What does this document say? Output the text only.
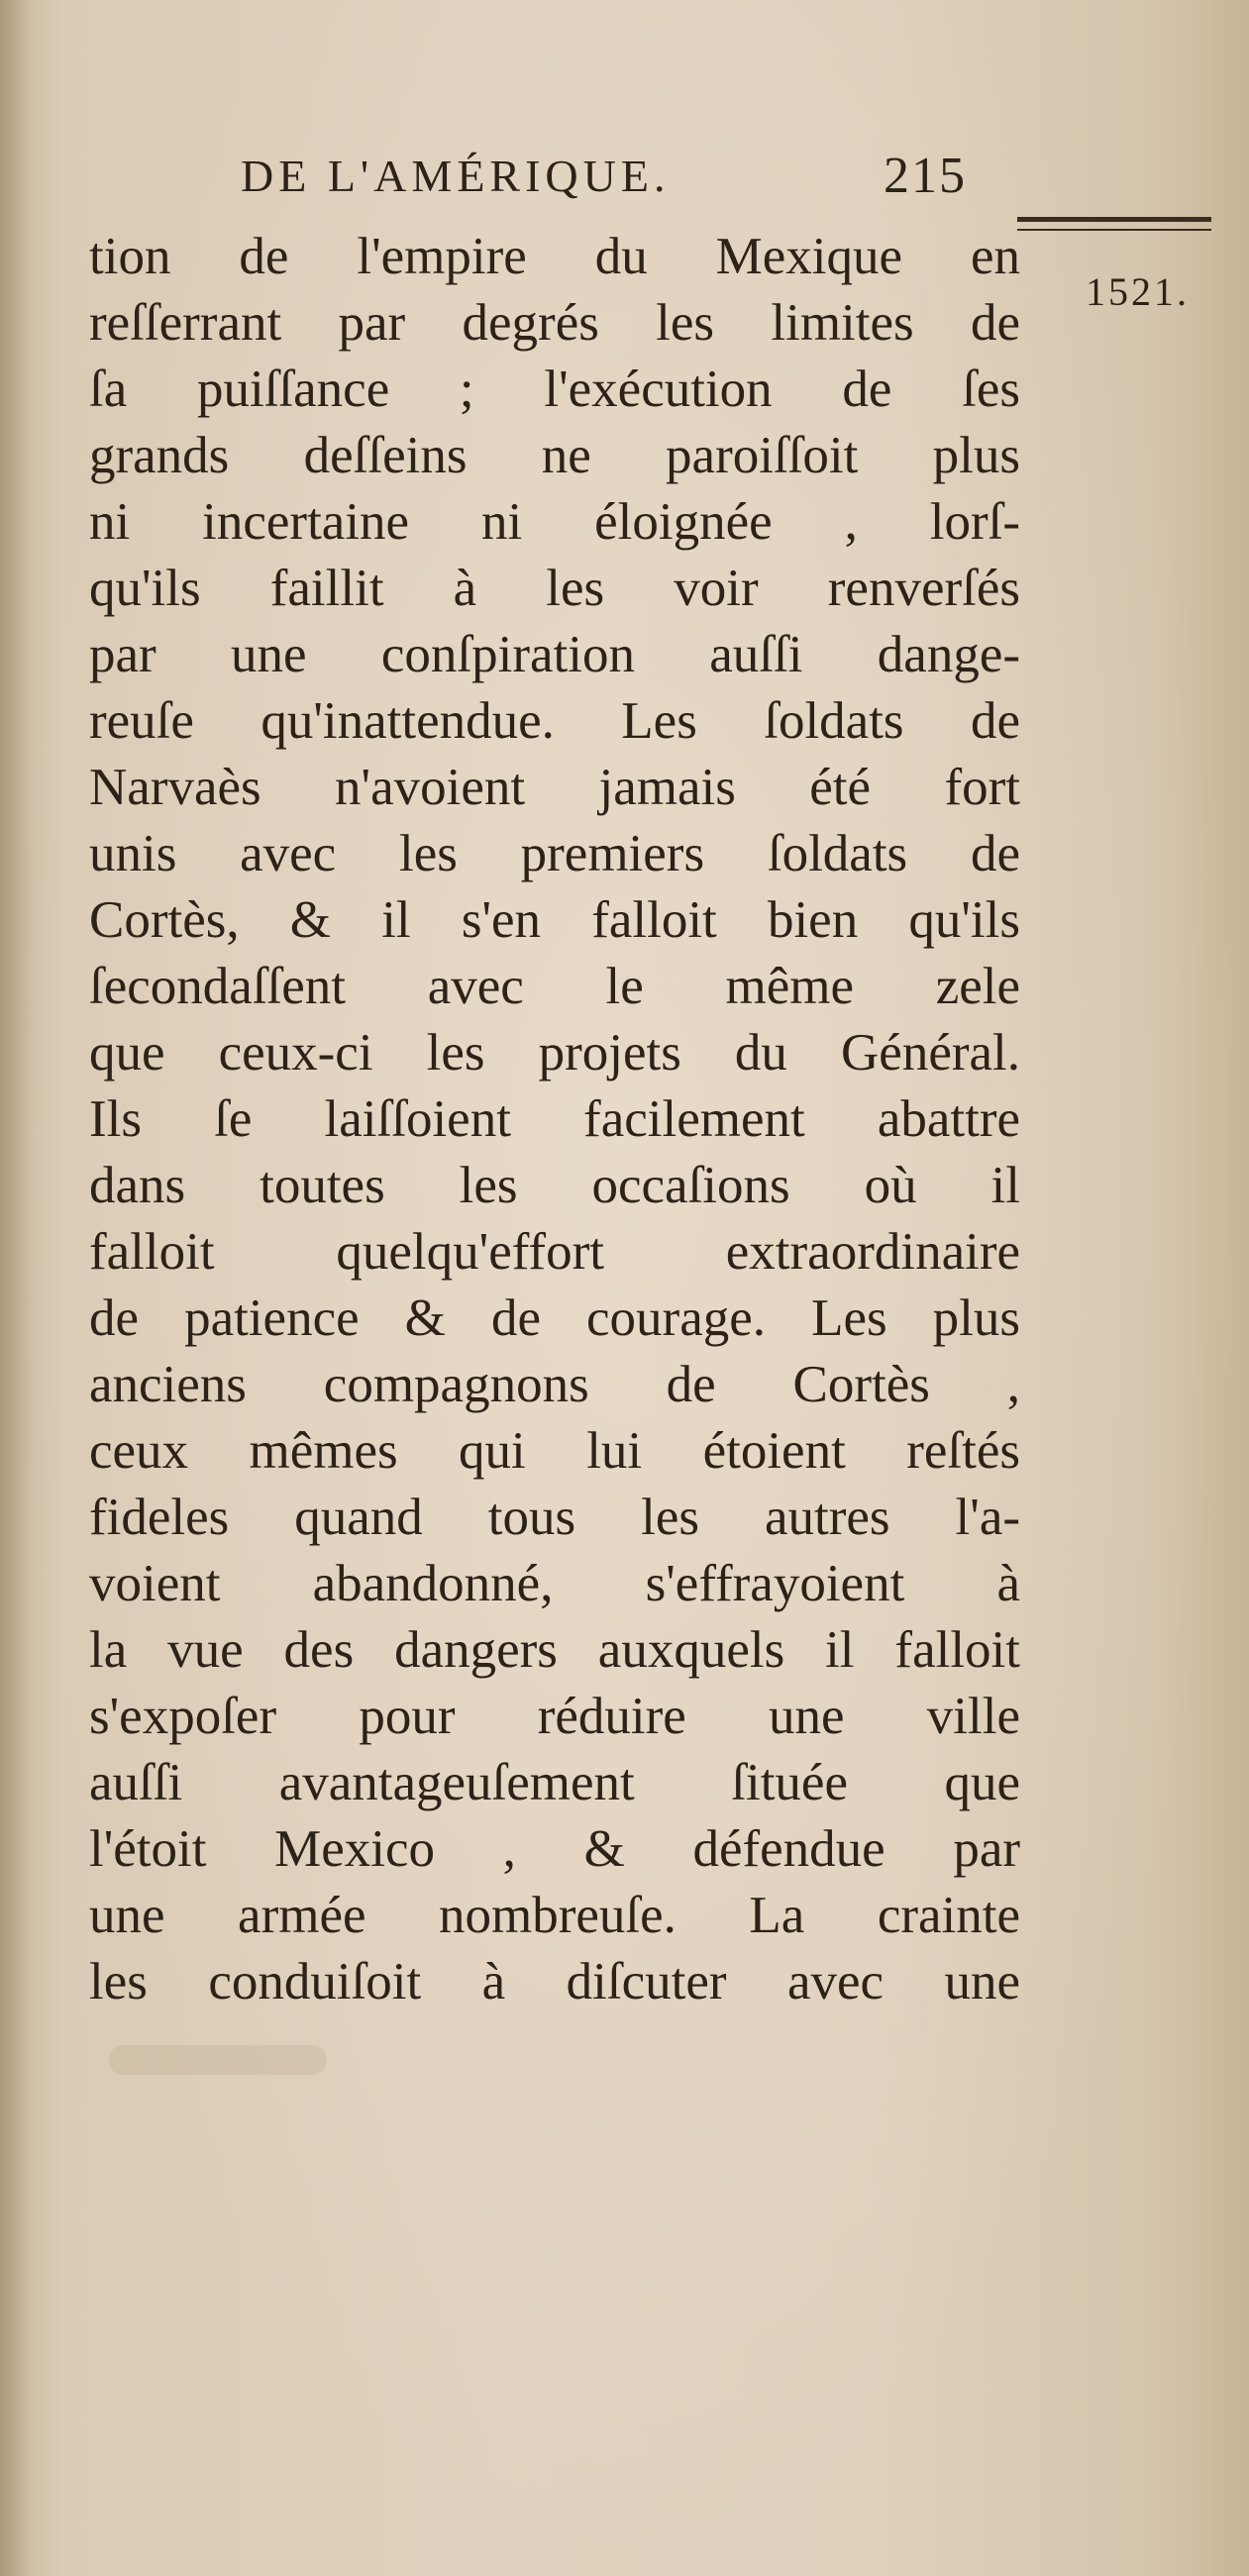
DE L'AMÉRIQUE.	215
1521.
tion de l'empire du Mexique en
reſſerrant par degrés les limites de
ſa puiſſance ; l'exécution de ſes
grands deſſeins ne paroiſſoit plus
ni incertaine ni éloignée , lorſ-
qu'ils faillit à les voir renverſés
par une conſpiration auſſi dange-
reuſe qu'inattendue. Les ſoldats de
Narvaès n'avoient jamais été fort
unis avec les premiers ſoldats de
Cortès, & il s'en falloit bien qu'ils
ſecondaſſent avec le même zele
que ceux-ci les projets du Général.
Ils ſe laiſſoient facilement abattre
dans toutes les occaſions où il
falloit quelqu'effort extraordinaire
de patience & de courage. Les plus
anciens compagnons de Cortès ,
ceux mêmes qui lui étoient reſtés
fideles quand tous les autres l'a-
voient abandonné, s'effrayoient à
la vue des dangers auxquels il falloit
s'expoſer pour réduire une ville
auſſi avantageuſement ſituée que
l'étoit Mexico , & défendue par
une armée nombreuſe. La crainte
les conduiſoit à diſcuter avec une
